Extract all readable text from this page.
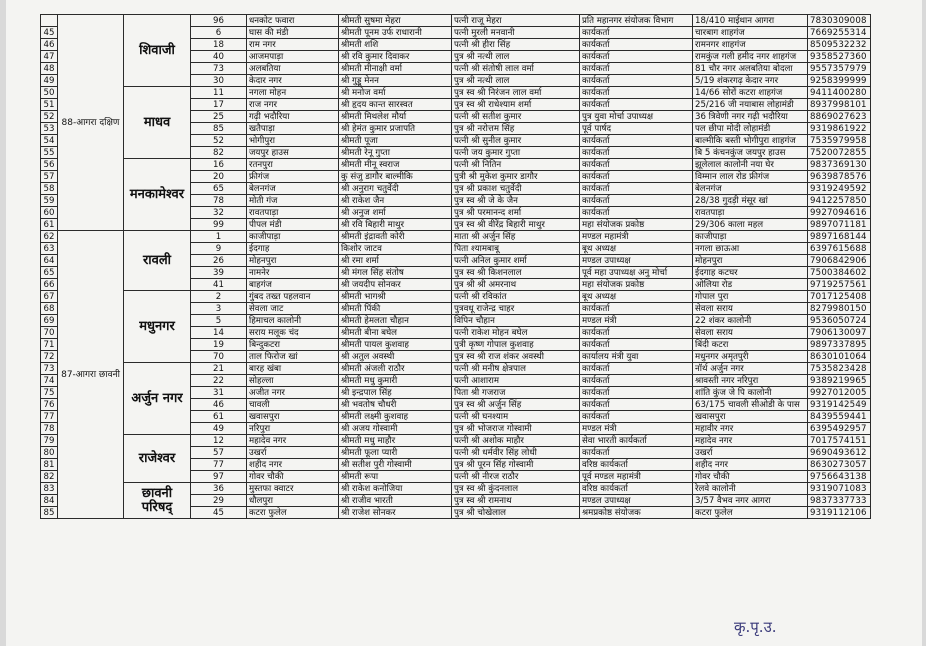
	88-आगरा दक्षिण	शिवाजी	96	धनकोट फवारा	श्रीमती सुषमा मेहरा	पत्नी राजू मेहरा	प्रति महानगर संयोजक विभाग	18/410 माईथान आगरा	7830309008
45			6	घास की मंडी	श्रीमती पूनम उर्फ राधारानी	पत्नी मुरली मनवानी	कार्यकर्ता	चारबाग शाहगंज	7669255314
46			18	राम नगर	श्रीमती शशि	पत्नी श्री हीरा सिंह	कार्यकर्ता	रामनगर शाहगंज	8509532232
47			40	आजमपाड़ा	श्री रवि कुमार दिवाकर	पुत्र श्री नत्थी लाल	कार्यकर्ता	रामकुंज गली हमीद नगर शाहगंज	9358527360
48			73	अलबतिया	श्रीमती मीनाक्षी वर्मा	पत्नी श्री संतोषी लाल वर्मा	कार्यकर्ता	81 चौर नगर अलबतिया बोदला	9557357979
49			30	केदार नगर	श्री गुड्डू मेनन	पुत्र श्री नत्थी लाल	कार्यकर्ता	5/19 शंकरगढ़ केदार नगर	9258399999
50		माधव	11	नगला मोहन	श्री मनोज वर्मा	पुत्र स्व श्री निरंजन लाल वर्मा	कार्यकर्ता	14/66 सोरों कटरा शाहगंज	9411400280
51			17	राज नगर	श्री हृदय कान्त सारस्वत	पुत्र स्व श्री राधेश्याम शर्मा	कार्यकर्ता	25/216 जी नयाबास लोहामंडी	8937998101
52			25	गढ़ी भदौरिया	श्रीमती मिथलेश मौर्या	पत्नी श्री सतीश कुमार	पुत्र युवा मोर्चा उपाध्यक्ष	36 त्रिवेणी नगर गढ़ी भदौरिया	8869027623
53			85	खतैपाड़ा	श्री हेमंत कुमार प्रजापति	पुत्र श्री नरोत्तम सिंह	पूर्व पार्षद	पल छीपा मोदी लोहामंडी	9319861922
54			52	भोगीपुरा	श्रीमती पूजा	पत्नी श्री सुनील कुमार	कार्यकर्ता	बाल्मीकि बस्ती भोगीपुरा शाहगंज	7535979958
55			82	जयपुर हाउस	श्रीमती रेनू गुप्ता	पत्नी जय कुमार गुप्ता	कार्यकर्ता	बि 5 कंचनकुंज जयपुर हाउस	7520072855
56		मनकामेश्वर	16	रतनपुरा	श्रीमती मीनू स्वराज	पत्नी श्री नितिन	कार्यकर्ता	झूलेलाल कालोनी नया घेर	9837369130
57			20	फ्रीगंज	कु संजु डागौर बाल्मीकि	पुत्री श्री मुकेश कुमार डागौर	कार्यकर्ता	विम्मान लाल रोड फ्रीगंज	9639878576
58			65	बेलनगंज	श्री अनुराग चतुर्वेदी	पुत्र श्री प्रकाश चतुर्वेदी	कार्यकर्ता	बेलनगंज	9319249592
59			78	मोती गंज	श्री राकेश जैन	पुत्र स्व श्री जे के जैन	कार्यकर्ता	28/38 गुदड़ी मंसूर खां	9412257850
60			32	रावतपाड़ा	श्री अनुज शर्मा	पुत्र श्री परमानन्द शर्मा	कार्यकर्ता	रावतपाड़ा	9927094616
61			99	पीपल मंडी	श्री रवि बिहारी माथुर	पुत्र स्व श्री वीरेंद्र बिहारी माथुर	महा संयोजक प्रकोष्ठ	29/306 काला महल	9897071181
62	87-आगरा छावनी	रावली	1	काजीपाड़ा	श्रीमती इंद्रावती कोरी	माता श्री अर्जुन सिंह	मण्डल महामंत्री	काजीपाड़ा	9897168144
63			9	ईदगाह	किशोर जाटव	पिता श्यामबाबू	बूथ अध्यक्ष	नगला छाऊआ	6397615688
64			26	मोहनपुरा	श्री रमा शर्मा	पत्नी अनिल कुमार शर्मा	मण्डल उपाध्यक्ष	मोहनपुरा	7906842906
65			39	नामनेर	श्री मंगल सिंह संतोष	पुत्र स्व श्री किशनलाल	पूर्व महा उपाध्यक्ष अनु मोर्चा	ईदगाह कटघर	7500384602
66			41	बाहगंज	श्री जयदीप सोनकर	पुत्र श्री श्री अमरनाथ	महा संयोजक प्रकोष्ठ	ओलिया रोड	9719257561
67		मधुनगर	2	गुंबद तख्त पहलवान	श्रीमती भागश्री	पत्नी श्री रविकांत	बूथ अध्यक्ष	गोपाल पुरा	7017125408
68			3	सेवला जाट	श्रीमती पिंकी	पुत्रवधू राजेन्द्र चाहर	कार्यकर्ता	सेवला सराय	8279980150
69			5	हिमाचल कालोनी	श्रीमती हेमलता चौहान	विपिन चौहान	मण्डल मंत्री	22 शंकर कालोनी	9536050724
70			14	सराय मलूक चंद	श्रीमती बीना बघेल	पत्नी राकेश मोहन बघेल	कार्यकर्ता	सेवला सराय	7906130097
71			19	बिन्दुकटरा	श्रीमती पायल कुशवाह	पुत्री कृष्ण गोपाल कुशवाह	कार्यकर्ता	बिंदी कटरा	9897337895
72			70	ताल फिरोज खां	श्री अतुल अवस्थी	पुत्र स्व श्री राज शंकर अवस्थी	कार्यालय मंत्री युवा	मधुनगर अमृतपुरी	8630101064
73		अर्जुन नगर	21	बारह खंबा	श्रीमती अंजली राठौर	पत्नी श्री मनीष क्षेत्रपाल	कार्यकर्ता	नॉर्थ अर्जुन नगर	7535823428
74			22	सोहल्ला	श्रीमती मधु कुमारी	पत्नी आशाराम	कार्यकर्ता	श्रावस्ती नगर नरिपुरा	9389219965
75			31	अजीत नगर	श्री इन्द्रपाल सिंह	पिता श्री गजराज	कार्यकर्ता	शांति कुंज जे पि कालोनी	9927012005
76			46	चावली	श्री भवतोष चौधरी	पुत्र स्व श्री अर्जुन सिंह	कार्यकर्ता	63/175 चावली सीओडी के पास	9319142549
77			61	खवासपुरा	श्रीमती लक्ष्मी कुशवाह	पत्नी श्री घनश्याम	कार्यकर्ता	खवासपुरा	8439559441
78			49	नरिपुरा	श्री अजय गोस्वामी	पुत्र श्री भोजराज गोस्वामी	मण्डल मंत्री	महावीर नगर	6395492957
79		राजेश्वर	12	महादेव नगर	श्रीमती मधु माहौर	पत्नी श्री अशोक माहौर	सेवा भारती कार्यकर्ता	महादेव नगर	7017574151
80			57	उखर्रा	श्रीमती फूला प्यारी	पत्नी श्री धर्मवीर सिंह लोधी	कार्यकर्ता	उखर्रा	9690493612
81			77	शहीद नगर	श्री सतीश पुरी गोस्वामी	पुत्र श्री पूरन सिंह गोस्वामी	वरिष्ठ कार्यकर्ता	शहीद नगर	8630273057
82			97	गोवर चौकी	श्रीमती रूपा	पत्नी श्री नीरज राठौर	पूर्व मण्डल महामंत्री	गोवर चौकी	9756643138
83		छावनी परिषद्	36	मुस्तफा क्वाटर	श्री राकेश कनोजिया	पुत्र स्व श्री कुंदनलाल	वरिष्ठ कार्यकर्ता	रेलवे कालोनी	9319071083
84			29	धौलपुरा	श्री राजीव भारती	पुत्र स्व श्री रामनाथ	मण्डल उपाध्यक्ष	3/57 वैभव नगर आगरा	9837337733
85			45	कटरा फुलेल	श्री राजेश सोनकर	पुत्र श्री चोखेलाल	श्रमप्रकोष्ठ संयोजक	कटरा फुलेल	9319112106
कृ.पृ.उ.
